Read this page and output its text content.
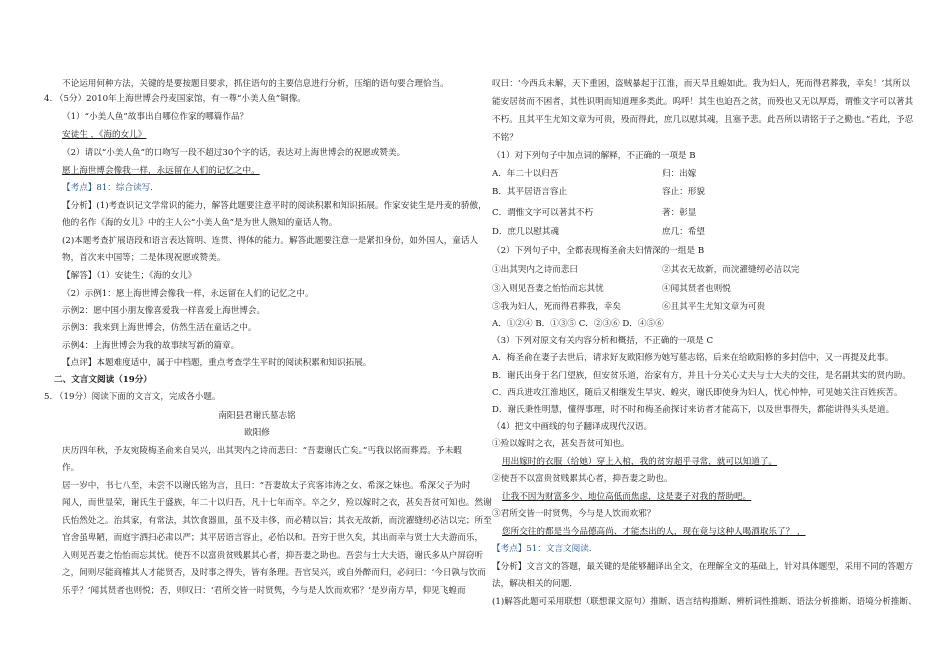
不论运用何种方法，关键的是要按题目要求，抓住语句的主要信息进行分析，压缩的语句要合理恰当。
4. （5分）2010年上海世博会丹麦国家馆，有一尊“小美人鱼”铜像。
（1）“小美人鱼”故事出自哪位作家的哪篇作品？
安徒生 ，《海的女儿》
（2）请以“小美人鱼”的口吻写一段不超过30个字的话，表达对上海世博会的祝愿或赞美。
愿上海世博会像我一样，永远留在人们的记忆之中。
【考点】81：综合读写．
【分析】(1)考查识记文学常识的能力，解答此题要注意平时的阅读积累和知识拓展。作家安徒生是丹麦的骄傲，
他的名作《海的女儿》中的主人公“小美人鱼”是为世人熟知的童话人物。
(2)本题考查扩展语段和语言表达简明、连贯、得体的能力。解答此题要注意一是紧扣身份，如外国人，童话人
物，首次来中国等；二是体现祝愿或赞美。
【解答】（1）安徒生；《海的女儿》
（2）示例1：愿上海世博会像我一样，永远留在人们的记忆之中。
示例2：愿中国小朋友像喜爱我一样喜爱上海世博会。
示例3：我来到上海世博会，仿然生活在童话之中。
示例4：上海世博会为我的故事续写新的篇章。
【点评】本题难度适中，属于中档题，重点考查学生平时的阅读积累和知识拓展。
二、文言文阅读（19分）
5. （19分）阅读下面的文言文，完成各小题。
南阳县君谢氏墓志铭
欧阳修
庆历四年秋，予友宛陵梅圣俞来自吴兴，出其哭内之诗而悲曰：“吾妻谢氏亡矣。”丐我以铭而葬焉。予未暇
作。
居一岁中，书七八至，未尝不以谢氏铭为言，且曰：“吾妻故太子宾客讳涛之女、希深之妹也。希深父子为时
闻人，而世显荣，谢氏生于盛族，年二十以归吾，凡十七年而卒。卒之夕，殓以嫁时之衣，甚矣吾贫可知也。然谢
氏怡然处之。治其家，有常法，其饮食器皿，虽不及丰侈，而必精以旨；其衣无故新，而浣濯缝纫必洁以完；所至
官舍虽卑陋，而庭宇洒扫必肃以严；其平居语言容止，必怡以和。吾穷于世久矣，其出而幸与贤士大夫游而乐，
入则见吾妻之怡怡而忘其忧。使吾不以富贵贫贱累其心者，抑吾妻之助也。吾尝与士大夫语，谢氏多从户屏窃听
之，间则尽能商榷其人才能贤否，及时事之得失，皆有条理。吾官吴兴，或自外醉而归，必问曰：‘今日孰与饮而
乐乎？’闻其贤者也则悦；否，则叹曰：‘君所交皆一时贤隽，今与是人饮而欢邪？’是岁南方旱，仰见飞蝗而
叹曰：‘今西兵未解，天下重困，盗贼暴起于江淮，而天旱且蝗如此。我为妇人，死而得君葬我，幸矣！’其所以
能安居贫而不困者，其性识明而知道理多类此。呜呼！其生也迫吾之贫，而殁也又无以厚焉，谓惟文字可以著其
不朽。且其平生尤知文章为可贵，殁而得此，庶几以慰其魂，且塞予悲。此吾所以请铭于子之勤也。”若此，予忍
不铭？
（1）对下列句子中加点词的解释，不正确的一项是 B
A．年二十以归吾	归：出嫁
B．其平居语言容止	容止：形貌
C．谓惟文字可以著其不朽	著：彰显
D．庶几以慰其魂	庶几：希望
（2）下列句子中，全都表现梅圣俞夫妇情深的一组是 B
①出其哭内之诗而悲曰	②其衣无故新，而浣濯缝纫必洁以完
③入则见吾妻之怡怡而忘其忧	④闻其贤者也则悦
⑤我为妇人，死而得君葬我，幸矣	⑥且其平生尤知文章为可贵
A．①②④ B．①③⑤ C．②③⑥ D．④⑤⑥
（3）下列对原文有关内容分析和概括，不正确的一项是 C
A．梅圣俞在妻子去世后，请求好友欧阳修为她写墓志铭，后来在给欧阳修的多封信中，又一再提及此事。
B．谢氏出身于名门望族，但安贫乐道，治家有方，并且十分关心丈夫与士大夫的交往，是名副其实的贤内助。
C．西兵进攻江淮地区，随后又相继发生旱灾、蝗灾，谢氏即使身为妇人，忧心忡忡，可见她关注百姓疾苦。
D．谢氏秉性明慧，懂得事理，时不时和梅圣俞探讨来访者才能高下，以及世事得失，都能讲得头头是道。
（4）把文中画线的句子翻译成现代汉语。
①殓以嫁时之衣，甚矣吾贫可知也。
用出嫁时的衣服（给她）穿上入棺，我的贫穷超乎寻常，就可以知道了。
②使吾不以富贵贫贱累其心者，抑吾妻之助也。
让我不因为财富多少、地位高低而焦虑，这是妻子对我的帮助吧。
③君所交皆一时贤隽，今与是人饮而欢邪？
您所交往的都是当今品德高尚、才能杰出的人，现在竟与这种人喝酒取乐了？ ，
【考点】51：文言文阅读．
【分析】文言文的答题，最关键的是能够翻译出全文，在理解全文的基础上，针对具体题型，采用不同的答题方
法，解决相关的问题．
(1)解答此题可采用联想（联想课文原句）推断、语言结构推断、辨析词性推断、语法分析推断、语境分析推断、
